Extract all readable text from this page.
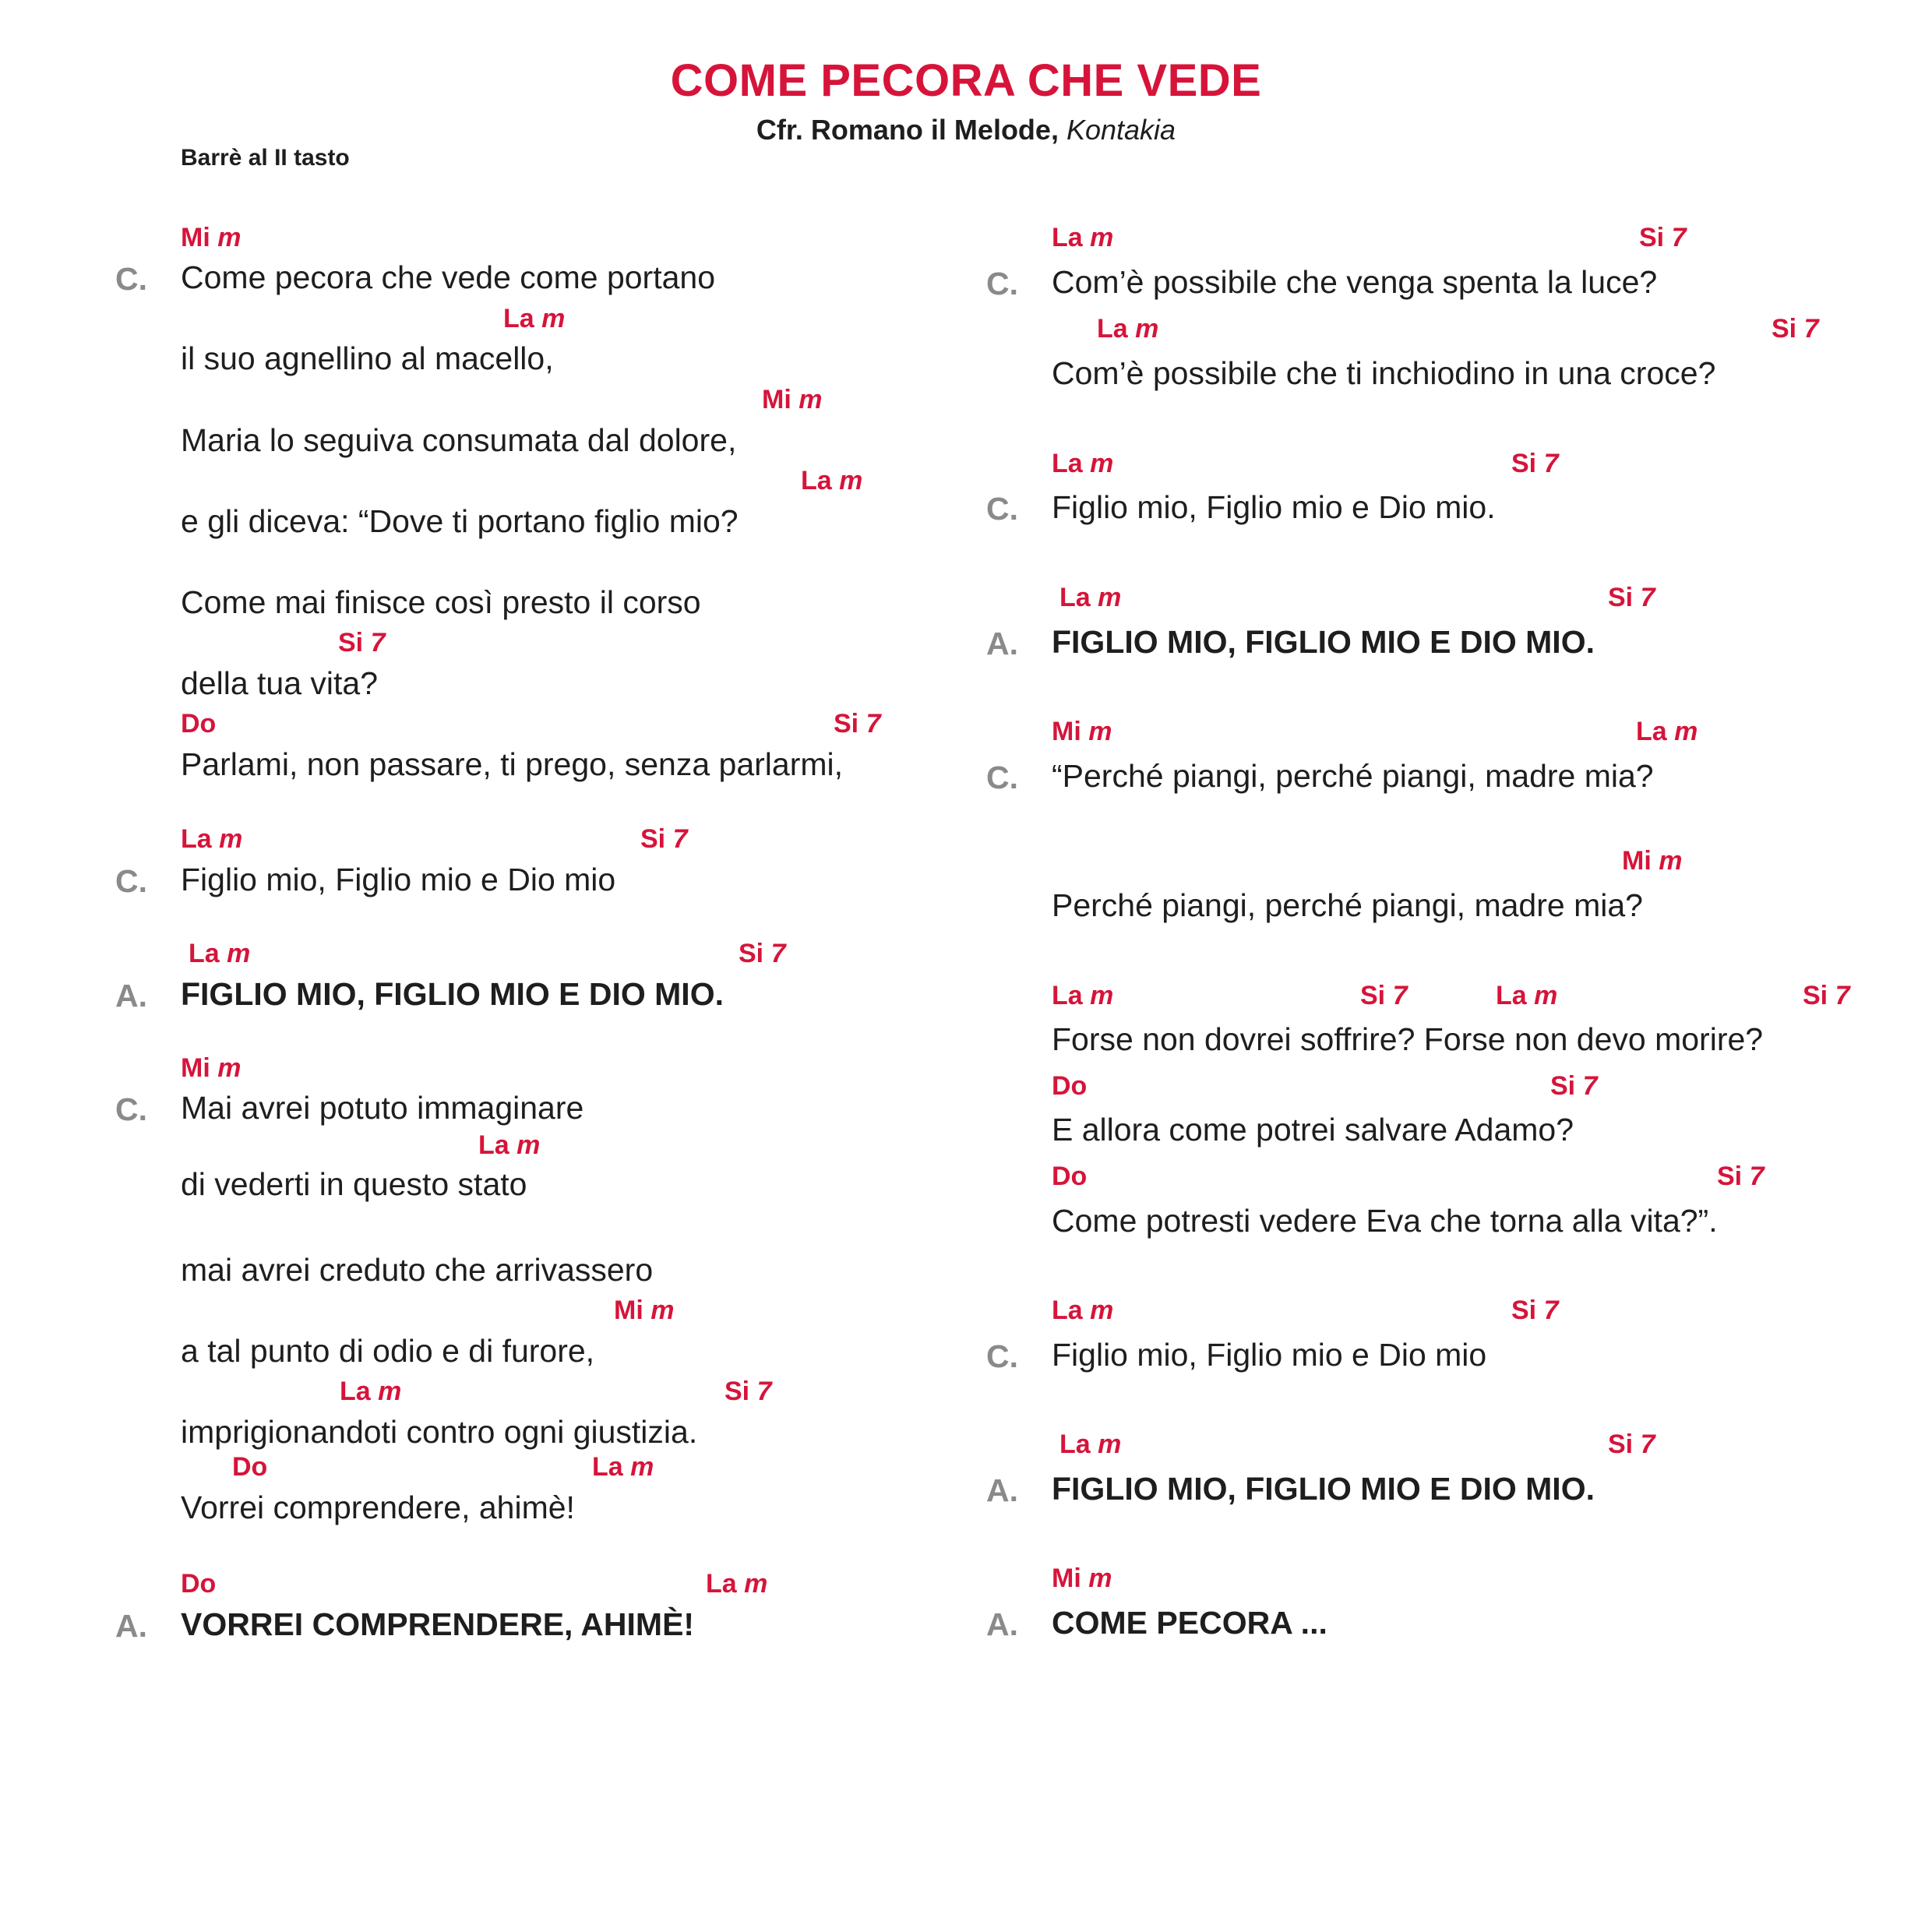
COME PECORA CHE VEDE
Cfr. Romano il Melode, Kontakia
Barrè al II tasto
Come pecora che vede come portano
C.
il suo agnellino al macello,
Maria lo seguiva consumata dal dolore,
e gli diceva: “Dove ti portano figlio mio?
Come mai finisce così presto il corso
della tua vita?
Parlami, non passare, ti prego, senza parlarmi,
Figlio mio, Figlio mio e Dio mio
C.
FIGLIO MIO, FIGLIO MIO E DIO MIO.
A.
Mai avrei potuto immaginare
C.
di vederti in questo stato
mai avrei creduto che arrivassero
a tal punto di odio e di furore,
imprigionandoti contro ogni giustizia.
Vorrei comprendere, ahimè!
VORREI COMPRENDERE, AHIMÈ!
A.
Com’è possibile che venga spenta la luce?
C.
Com’è possibile che ti inchiodino in una croce?
Figlio mio, Figlio mio e Dio mio.
C.
FIGLIO MIO, FIGLIO MIO E DIO MIO.
A.
“Perché piangi, perché piangi, madre mia?
C.
Perché piangi, perché piangi, madre mia?
Forse non dovrei soffrire? Forse non devo morire?
E allora come potrei salvare Adamo?
Come potresti vedere Eva che torna alla vita?”.
Figlio mio, Figlio mio e Dio mio
C.
FIGLIO MIO, FIGLIO MIO E DIO MIO.
A.
COME PECORA ...
A.
Mi m
La m
Mi m
La m
Si 7
Do	Si 7
La m	Si 7
La m	Si 7
Mi m
La m
Mi m
La m	Si 7
Do	La m
Do	La m
La m	Si 7
La m	Si 7
La m	Si 7
La m	Si 7
Mi m	La m
Mi m
La m	Si 7	La m	Si 7
Do	Si 7
Do	Si 7
La m	Si 7
La m	Si 7
Mi m
